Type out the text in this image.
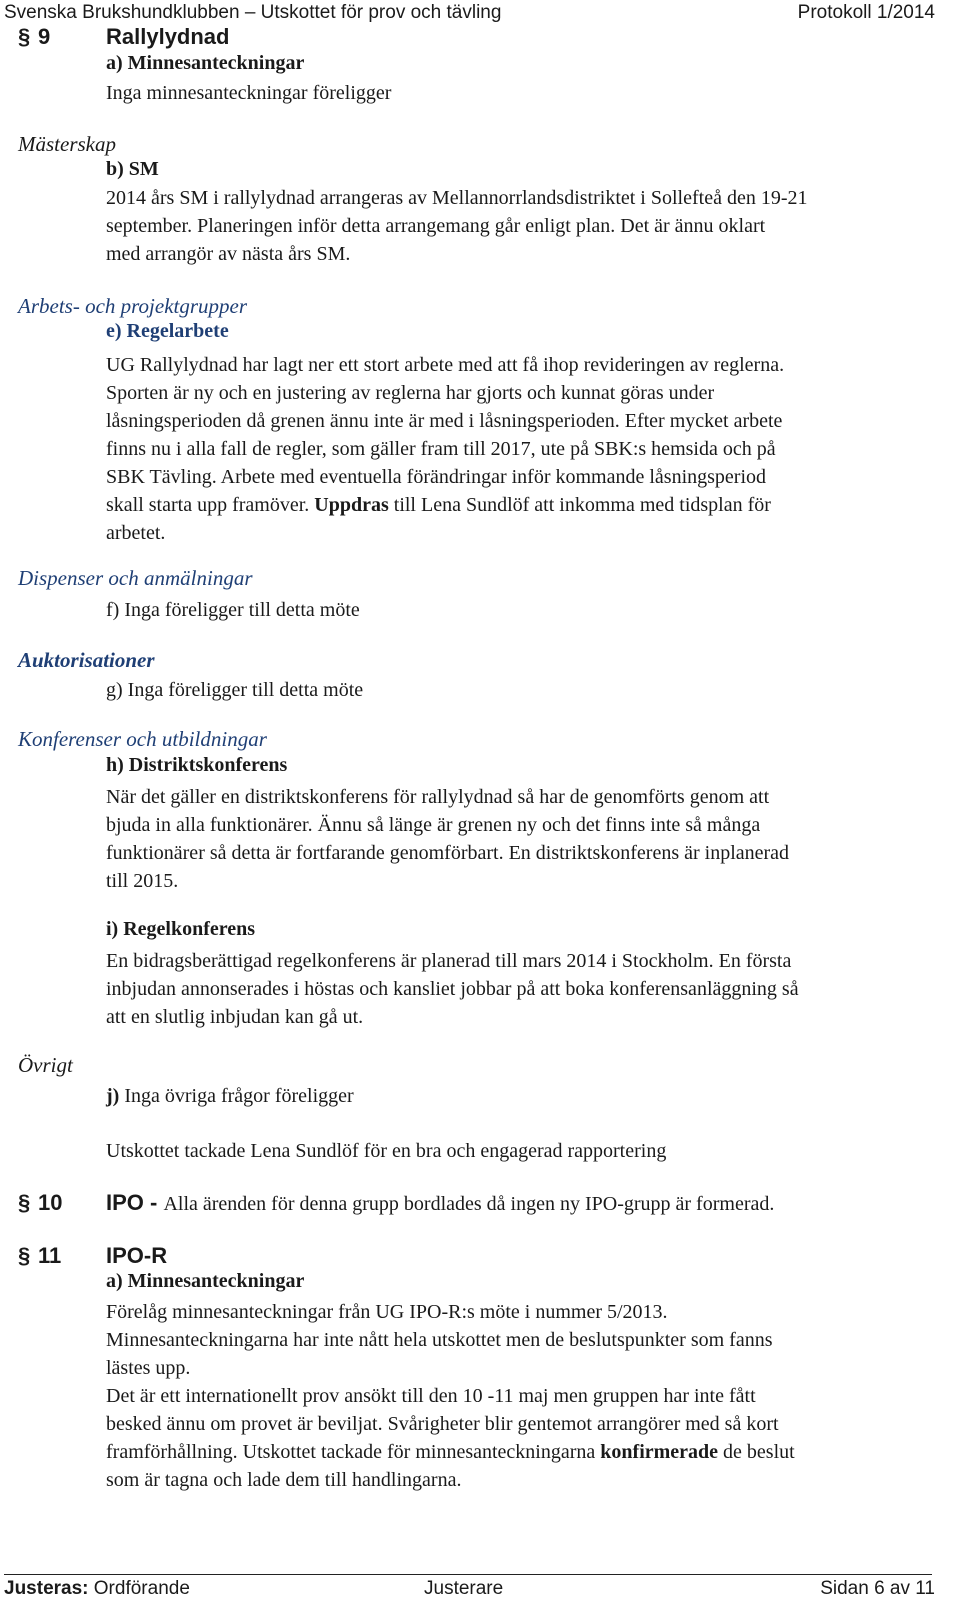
Svenska Brukshundklubben – Utskottet för prov och tävling	Protokoll 1/2014
§ 9	Rallylydnad
a) Minnesanteckningar
Inga minnesanteckningar föreligger
Mästerskap
b) SM
2014 års SM i rallylydnad arrangeras av Mellannorrlandsdistriktet i Sollefteå den 19-21
september. Planeringen inför detta arrangemang går enligt plan. Det är ännu oklart
med arrangör av nästa års SM.
Arbets- och projektgrupper
e) Regelarbete
UG Rallylydnad har lagt ner ett stort arbete med att få ihop revideringen av reglerna.
Sporten är ny och en justering av reglerna har gjorts och kunnat göras under
låsningsperioden då grenen ännu inte är med i låsningsperioden. Efter mycket arbete
finns nu i alla fall de regler, som gäller fram till 2017, ute på SBK:s hemsida och på
SBK Tävling. Arbete med eventuella förändringar inför kommande låsningsperiod
skall starta upp framöver. Uppdras till Lena Sundlöf att inkomma med tidsplan för
arbetet.
Dispenser och anmälningar
f) Inga föreligger till detta möte
Auktorisationer
g) Inga föreligger till detta möte
Konferenser och utbildningar
h) Distriktskonferens
När det gäller en distriktskonferens för rallylydnad så har de genomförts genom att
bjuda in alla funktionärer. Ännu så länge är grenen ny och det finns inte så många
funktionärer så detta är fortfarande genomförbart. En distriktskonferens är inplanerad
till 2015.
i) Regelkonferens
En bidragsberättigad regelkonferens är planerad till mars 2014 i Stockholm. En första
inbjudan annonserades i höstas och kansliet jobbar på att boka konferensanläggning så
att en slutlig inbjudan kan gå ut.
Övrigt
j) Inga övriga frågor föreligger
Utskottet tackade Lena Sundlöf för en bra och engagerad rapportering
§ 10 IPO - Alla ärenden för denna grupp bordlades då ingen ny IPO-grupp är formerad.
§ 11 IPO-R
a) Minnesanteckningar
Förelåg minnesanteckningar från UG IPO-R:s möte i nummer 5/2013.
Minnesanteckningarna har inte nått hela utskottet men de beslutspunkter som fanns
lästes upp.
Det är ett internationellt prov ansökt till den 10 -11 maj men gruppen har inte fått
besked ännu om provet är beviljat. Svårigheter blir gentemot arrangörer med så kort
framförhållning. Utskottet tackade för minnesanteckningarna konfirmerade de beslut
som är tagna och lade dem till handlingarna.
Justeras: Ordförande	Justerare	Sidan 6 av 11
